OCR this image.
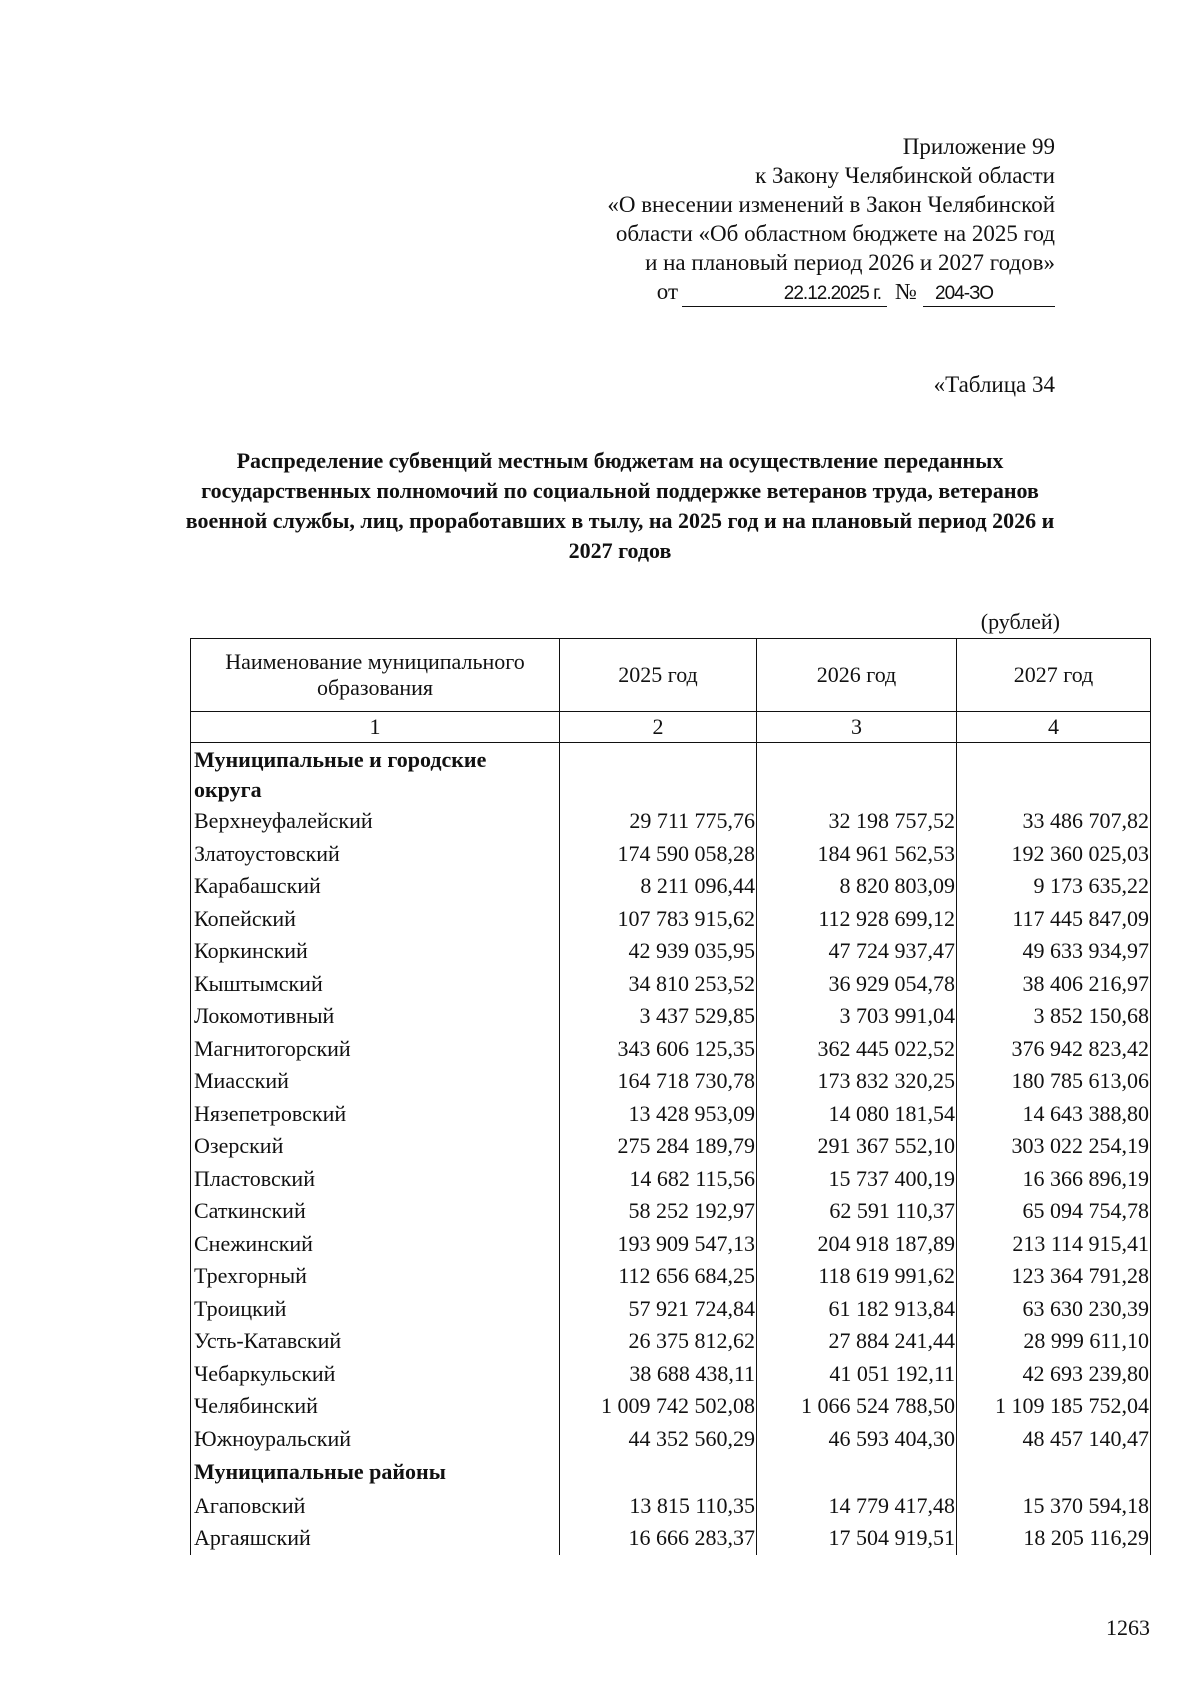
Приложение 99
к Закону Челябинской области
«О внесении изменений в Закон Челябинской
области «Об областном бюджете на 2025 год
и на плановый период 2026 и 2027 годов»
от	22.12.2025 г. № 204-ЗО
«Таблица 34
Распределение субвенций местным бюджетам на осуществление переданных государственных полномочий по социальной поддержке ветеранов труда, ветеранов военной службы, лиц, проработавших в тылу, на 2025 год и на плановый период 2026 и 2027 годов
(рублей)
Наименование муниципального образования	2025 год	2026 год	2027 год
1	2	3	4
Муниципальные и городские округа			
Верхнеуфалейский	29 711 775,76	32 198 757,52	33 486 707,82
Златоустовский	174 590 058,28	184 961 562,53	192 360 025,03
Карабашский	8 211 096,44	8 820 803,09	9 173 635,22
Копейский	107 783 915,62	112 928 699,12	117 445 847,09
Коркинский	42 939 035,95	47 724 937,47	49 633 934,97
Кыштымский	34 810 253,52	36 929 054,78	38 406 216,97
Локомотивный	3 437 529,85	3 703 991,04	3 852 150,68
Магнитогорский	343 606 125,35	362 445 022,52	376 942 823,42
Миасский	164 718 730,78	173 832 320,25	180 785 613,06
Нязепетровский	13 428 953,09	14 080 181,54	14 643 388,80
Озерский	275 284 189,79	291 367 552,10	303 022 254,19
Пластовский	14 682 115,56	15 737 400,19	16 366 896,19
Саткинский	58 252 192,97	62 591 110,37	65 094 754,78
Снежинский	193 909 547,13	204 918 187,89	213 114 915,41
Трехгорный	112 656 684,25	118 619 991,62	123 364 791,28
Троицкий	57 921 724,84	61 182 913,84	63 630 230,39
Усть-Катавский	26 375 812,62	27 884 241,44	28 999 611,10
Чебаркульский	38 688 438,11	41 051 192,11	42 693 239,80
Челябинский	1 009 742 502,08	1 066 524 788,50	1 109 185 752,04
Южноуральский	44 352 560,29	46 593 404,30	48 457 140,47
Муниципальные районы			
Агаповский	13 815 110,35	14 779 417,48	15 370 594,18
Аргаяшский	16 666 283,37	17 504 919,51	18 205 116,29
1263
